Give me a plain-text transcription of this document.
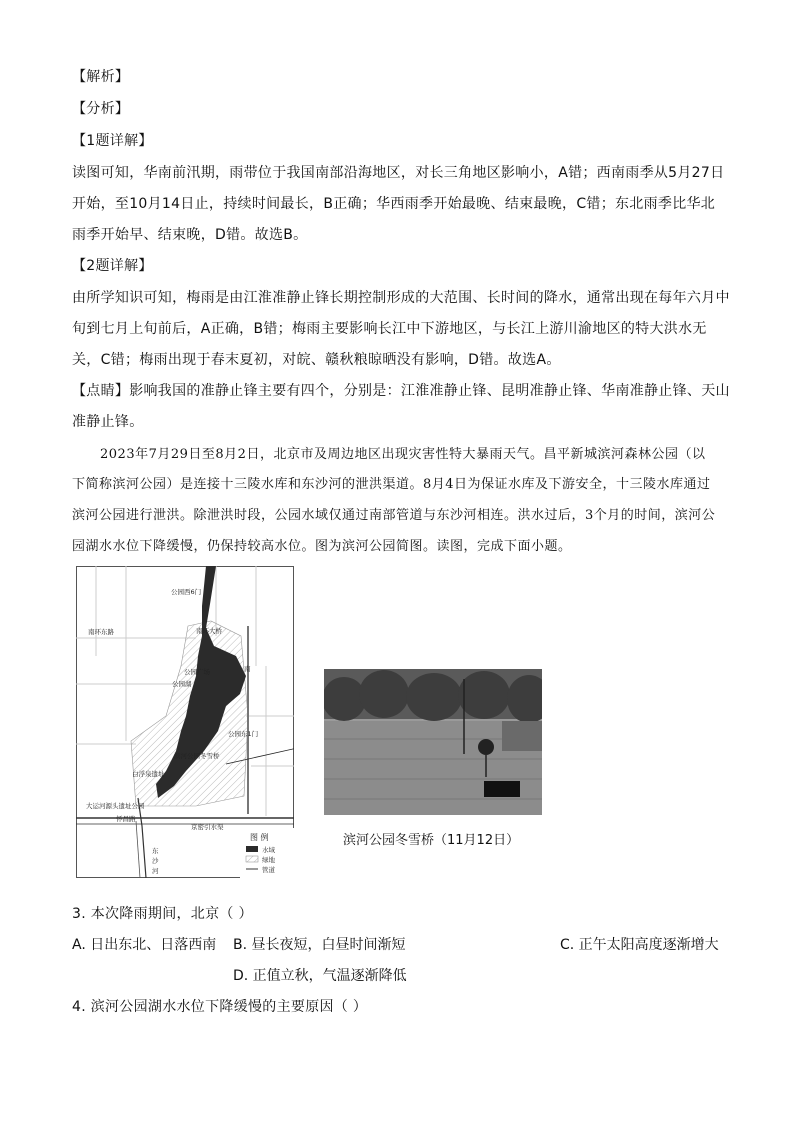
【解析】
【分析】
【1题详解】
读图可知，华南前汛期，雨带位于我国南部沿海地区，对长三角地区影响小，A错；西南雨季从5月27日
开始，至10月14日止，持续时间最长，B正确；华西雨季开始最晚、结束最晚，C错；东北雨季比华北
雨季开始早、结束晚，D错。故选B。
【2题详解】
由所学知识可知，梅雨是由江淮准静止锋长期控制形成的大范围、长时间的降水，通常出现在每年六月中
旬到七月上旬前后，A正确，B错；梅雨主要影响长江中下游地区，与长江上游川渝地区的特大洪水无
关，C错；梅雨出现于春末夏初，对皖、赣秋粮晾晒没有影响，D错。故选A。
【点睛】影响我国的准静止锋主要有四个，分别是：江淮准静止锋、昆明准静止锋、华南准静止锋、天山
准静止锋。
2023年7月29日至8月2日，北京市及周边地区出现灾害性特大暴雨天气。昌平新城滨河森林公园（以
下简称滨河公园）是连接十三陵水库和东沙河的泄洪渠道。8月4日为保证水库及下游安全，十三陵水库通过
滨河公园进行泄洪。除泄洪时段，公园水域仅通过南部管道与东沙河相连。洪水过后，3个月的时间，滨河公
园湖水水位下降缓慢，仍保持较高水位。图为滨河公园简图。读图，完成下面小题。
公园西6门
南环东路	南环大桥
公园广场
公园湖
南
公园东1门
滨河公园冬雪桥
白浮泉遗址
大运河源头遗址公园
怀昌路
京密引水渠
东
沙
河
图 例
水域
绿地
管道
滨河公园冬雪桥（11月12日）
3. 本次降雨期间，北京（ ）
A. 日出东北、日落西南 B. 昼长夜短，白昼时间渐短	C. 正午太阳高度逐渐增大
D. 正值立秋，气温逐渐降低
4. 滨河公园湖水水位下降缓慢的主要原因（ ）
